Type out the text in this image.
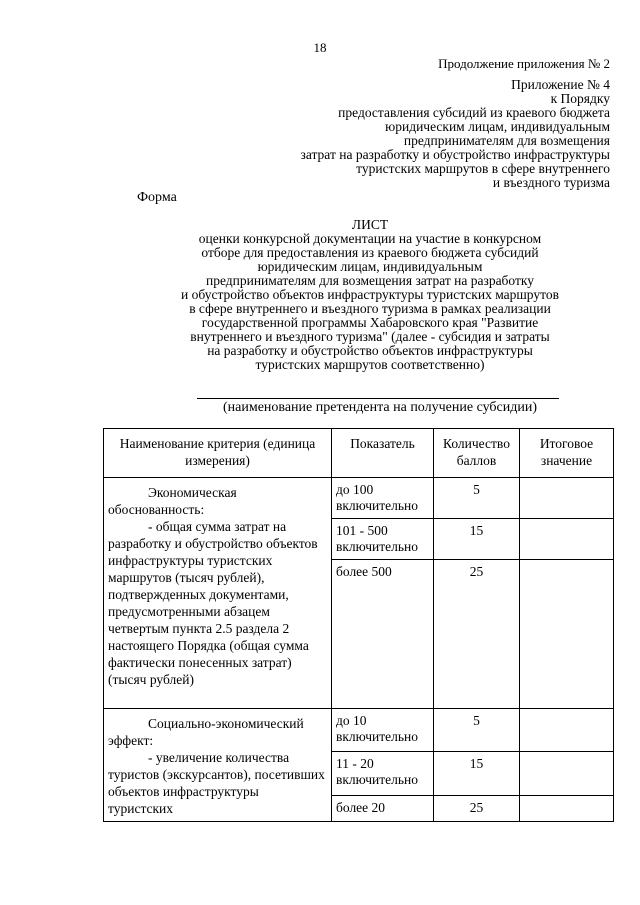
18
Продолжение приложения № 2
Приложение № 4
к Порядку
предоставления субсидий из краевого бюджета
юридическим лицам, индивидуальным
предпринимателям для возмещения
затрат на разработку и обустройство инфраструктуры
туристских маршрутов в сфере внутреннего
и въездного туризма
Форма
ЛИСТ
оценки конкурсной документации на участие в конкурсном
отборе для предоставления из краевого бюджета субсидий
юридическим лицам, индивидуальным
предпринимателям для возмещения затрат на разработку
и обустройство объектов инфраструктуры туристских маршрутов
в сфере внутреннего и въездного туризма в рамках реализации
государственной программы Хабаровского края "Развитие
внутреннего и въездного туризма" (далее - субсидия и затраты
на разработку и обустройство объектов инфраструктуры
туристских маршрутов соответственно)
(наименование претендента на получение субсидии)
Наименование критерия (единица измерения)	Показатель	Количество баллов	Итоговое значение

Экономическая обоснованность:
- общая сумма затрат на разработку и обустройство объектов инфраструктуры туристских маршрутов (тысяч рублей), подтвержденных документами, предусмотренными абзацем четвертым пункта 2.5 раздела 2 настоящего Порядка (общая сумма фактически понесенных затрат) (тысяч рублей)	до 100 включительно	5	

	101 - 500 включительно	15	

	более 500	25	

Социально-экономический эффект:
- увеличение количества туристов (экскурсантов), посетивших объектов инфраструктуры туристских	до 10 включительно	5	

	11 - 20 включительно	15	

	более 20	25	
